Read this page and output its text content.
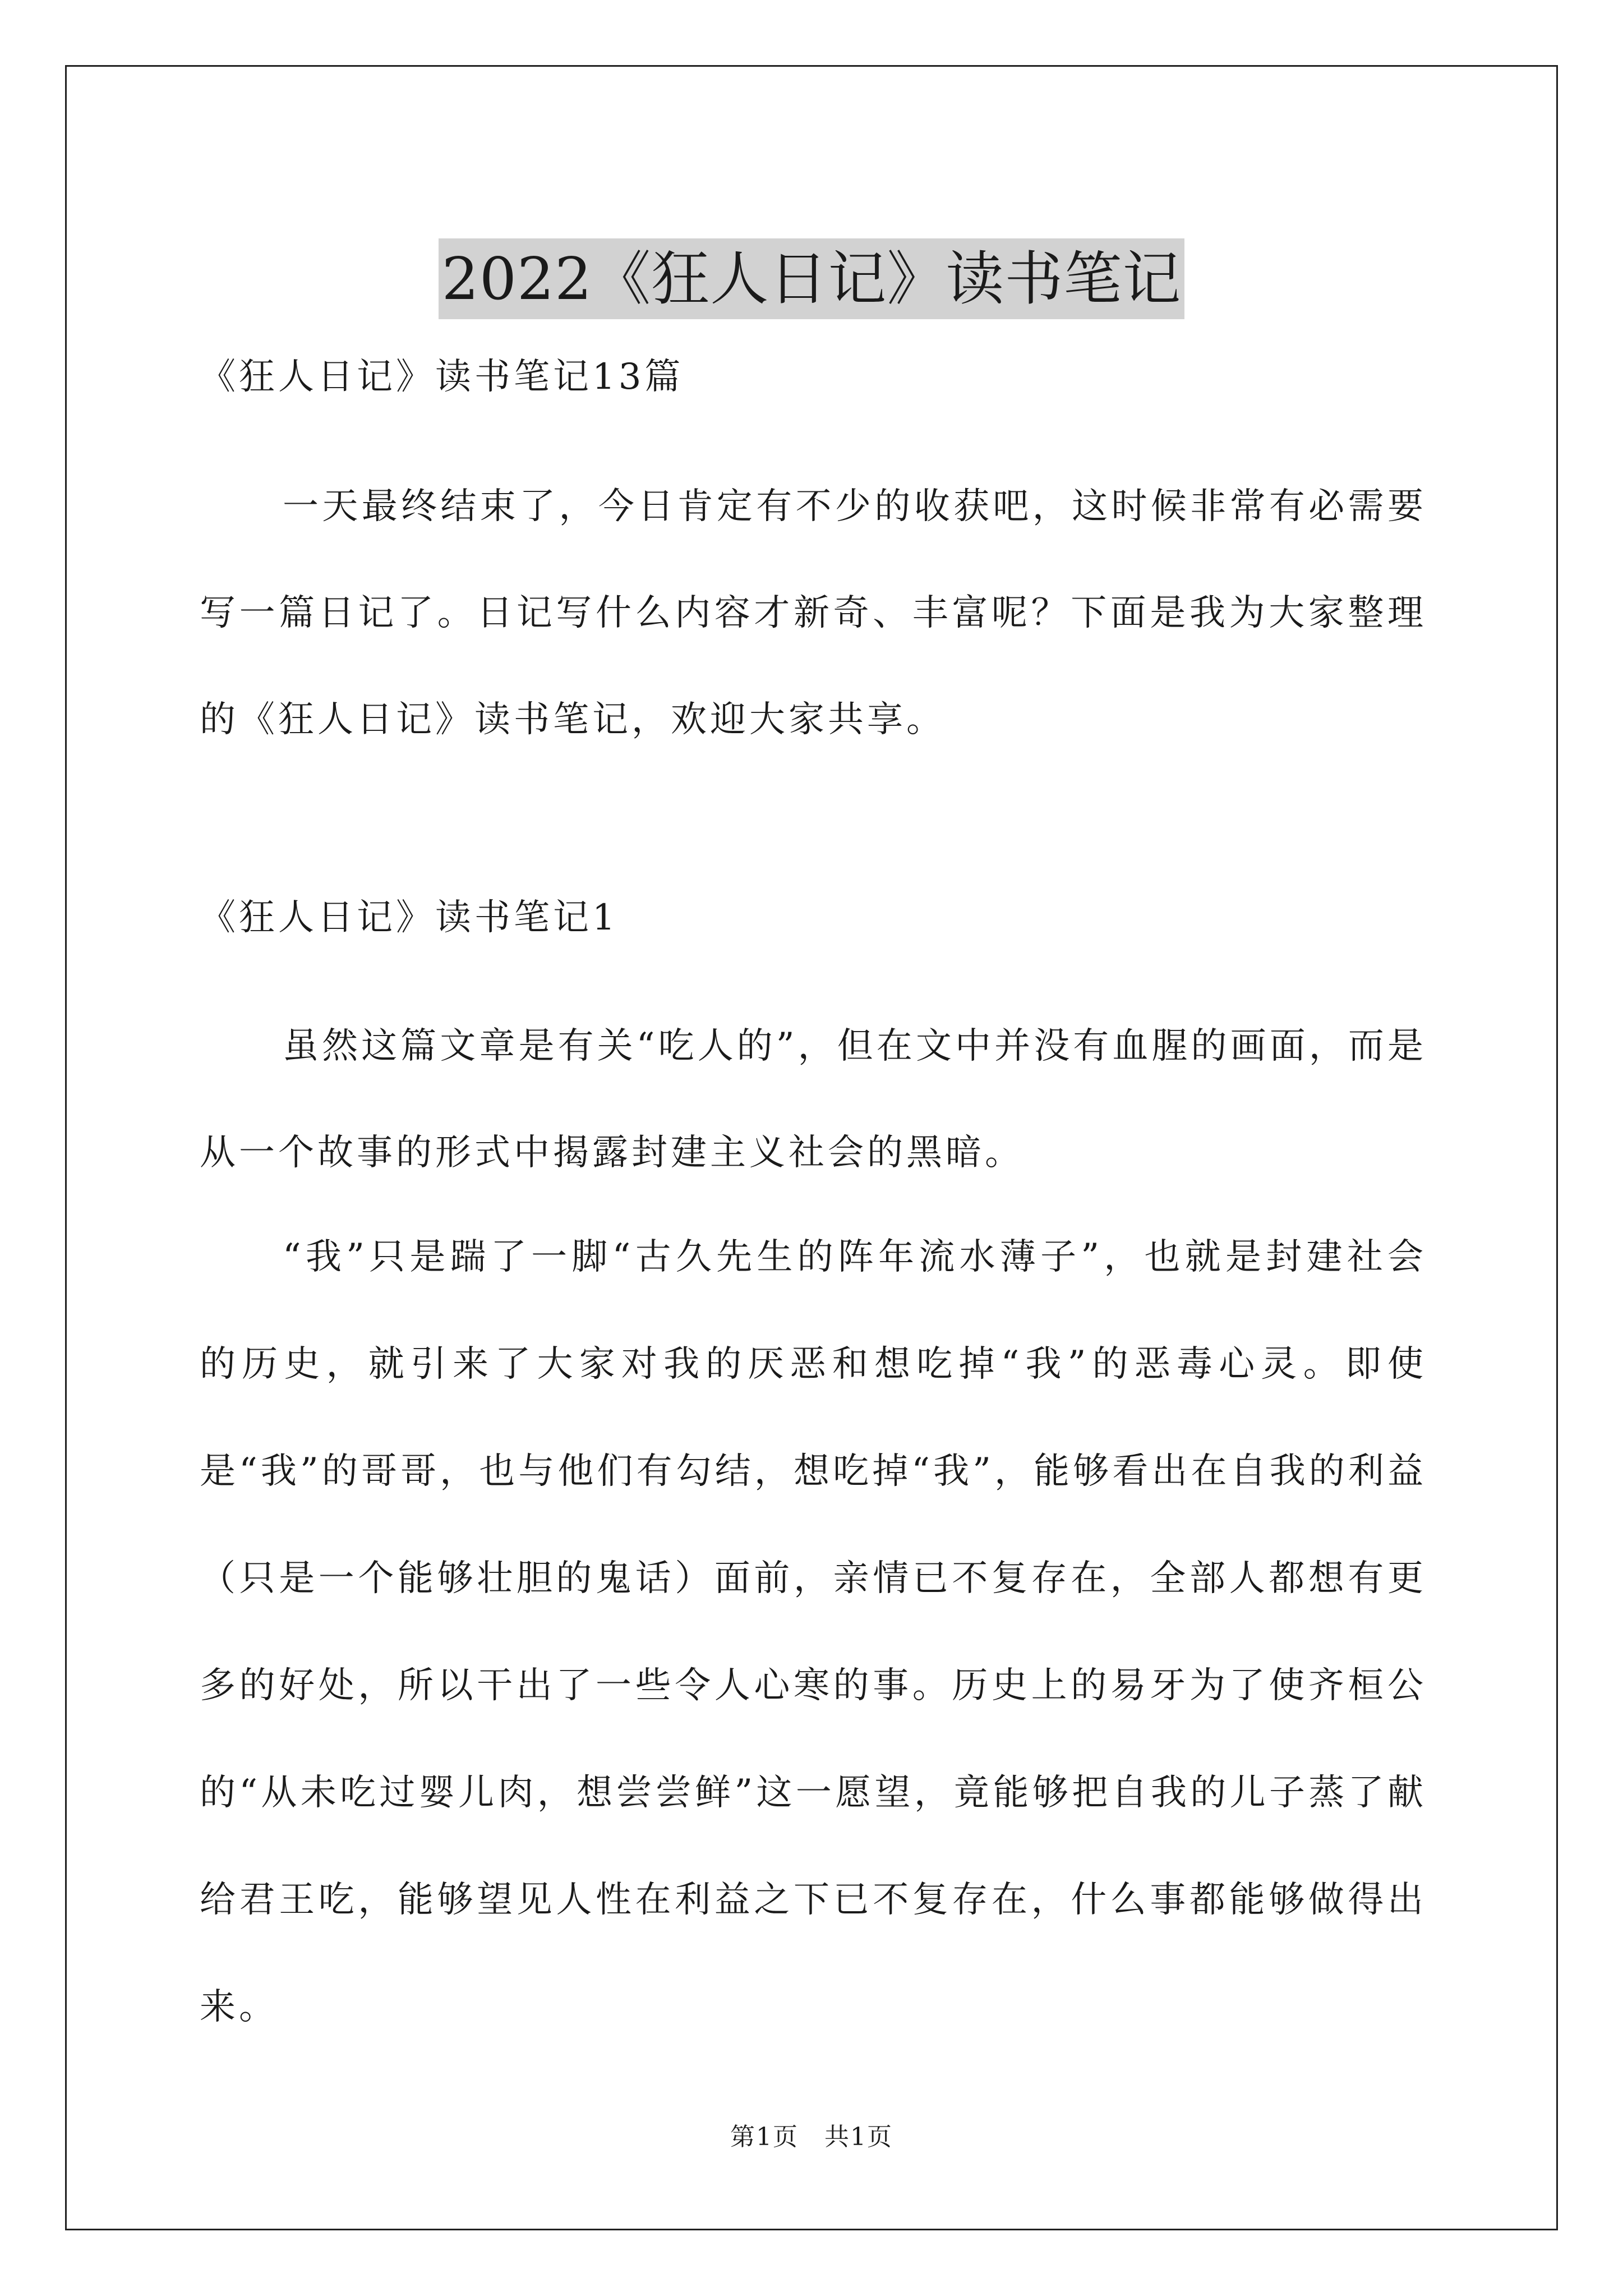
2022《狂人日记》读书笔记
《狂人日记》读书笔记13篇

一天最终结束了，今日肯定有不少的收获吧，这时候非常有必需要写一篇日记了。日记写什么内容才新奇、丰富呢？下面是我为大家整理的《狂人日记》读书笔记，欢迎大家共享。

《狂人日记》读书笔记1

虽然这篇文章是有关“吃人的”，但在文中并没有血腥的画面，而是从一个故事的形式中揭露封建主义社会的黑暗。

“我”只是踹了一脚“古久先生的阵年流水薄子”，也就是封建社会的历史，就引来了大家对我的厌恶和想吃掉“我”的恶毒心灵。即使是“我”的哥哥，也与他们有勾结，想吃掉“我”，能够看出在自我的利益（只是一个能够壮胆的鬼话）面前，亲情已不复存在，全部人都想有更多的好处，所以干出了一些令人心寒的事。历史上的易牙为了使齐桓公的“从未吃过婴儿肉，想尝尝鲜”这一愿望，竟能够把自我的儿子蒸了献给君王吃，能够望见人性在利益之下已不复存在，什么事都能够做得出来。

第1页　共1页
